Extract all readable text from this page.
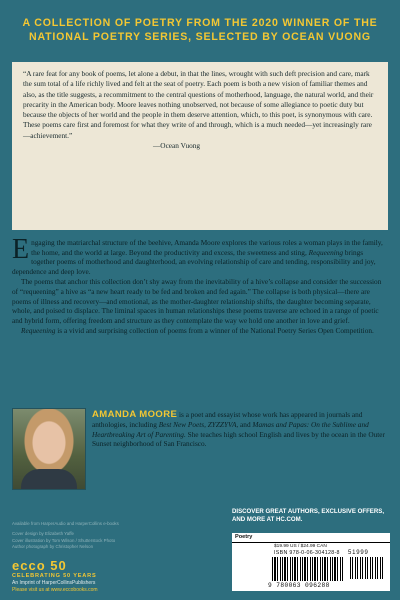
A COLLECTION OF POETRY FROM THE 2020 WINNER OF THE NATIONAL POETRY SERIES, SELECTED BY OCEAN VUONG

“A rare feat for any book of poems, let alone a debut, in that the lines, wrought with such deft precision and care, mark the sum total of a life richly lived and felt at the seat of poetry. Each poem is both a new vision of familiar themes and also, as the title suggests, a recommitment to the central questions of motherhood, language, the natural world, and their precarity in the American body. Moore leaves nothing unobserved, not because of some allegiance to poetic duty but because the objects of her world and the people in them deserve attention, which, to this poet, is synonymous with care. These poems care first and foremost for what they write of and through, which is a much needed—yet increasingly rare—achievement.”

—Ocean Vuong

Engaging the matriarchal structure of the beehive, Amanda Moore explores the various roles a woman plays in the family, the home, and the world at large. Beyond the productivity and excess, the sweetness and sting, Requeening brings together poems of motherhood and daughterhood, an evolving relationship of care and tending, responsibility and joy, dependence and deep love.

The poems that anchor this collection don’t shy away from the inevitability of a hive’s collapse and consider the succession of “requeening” a hive as “a new heart ready to be fed and broken and fed again.” The collapse is both physical—there are poems of illness and recovery—and emotional, as the mother-daughter relationship shifts, the daughter becoming separate, whole, and poised to displace. The liminal spaces in human relationships these poems traverse are echoed in a range of poetic and hybrid form, offering freedom and structure as they contemplate the way we hold one another in love and grief.

Requeening is a vivid and surprising collection of poems from a winner of the National Poetry Series Open Competition.

AMANDA MOORE is a poet and essayist whose work has appeared in journals and anthologies, including Best New Poets, ZYZZYVA, and Mamas and Papas: On the Sublime and Heartbreaking Art of Parenting. She teaches high school English and lives by the ocean in the Outer Sunset neighborhood of San Francisco.
Available from HarperAudio and HarperCollins e-books
Cover design by Elizabeth Yaffe
Cover illustration by Tom Wilson / Shutterstock Photo
Author photograph by Christopher Nelson
ecco 50
CELEBRATING 50 YEARS
An Imprint of HarperCollinsPublishers
Please visit us at www.eccobooks.com
DISCOVER GREAT AUTHORS, EXCLUSIVE OFFERS, AND MORE AT HC.COM.
Poetry
$19.99 US / $24.99 CAN
ISBN 978-0-06-304128-8 51999
9 780063 096288
